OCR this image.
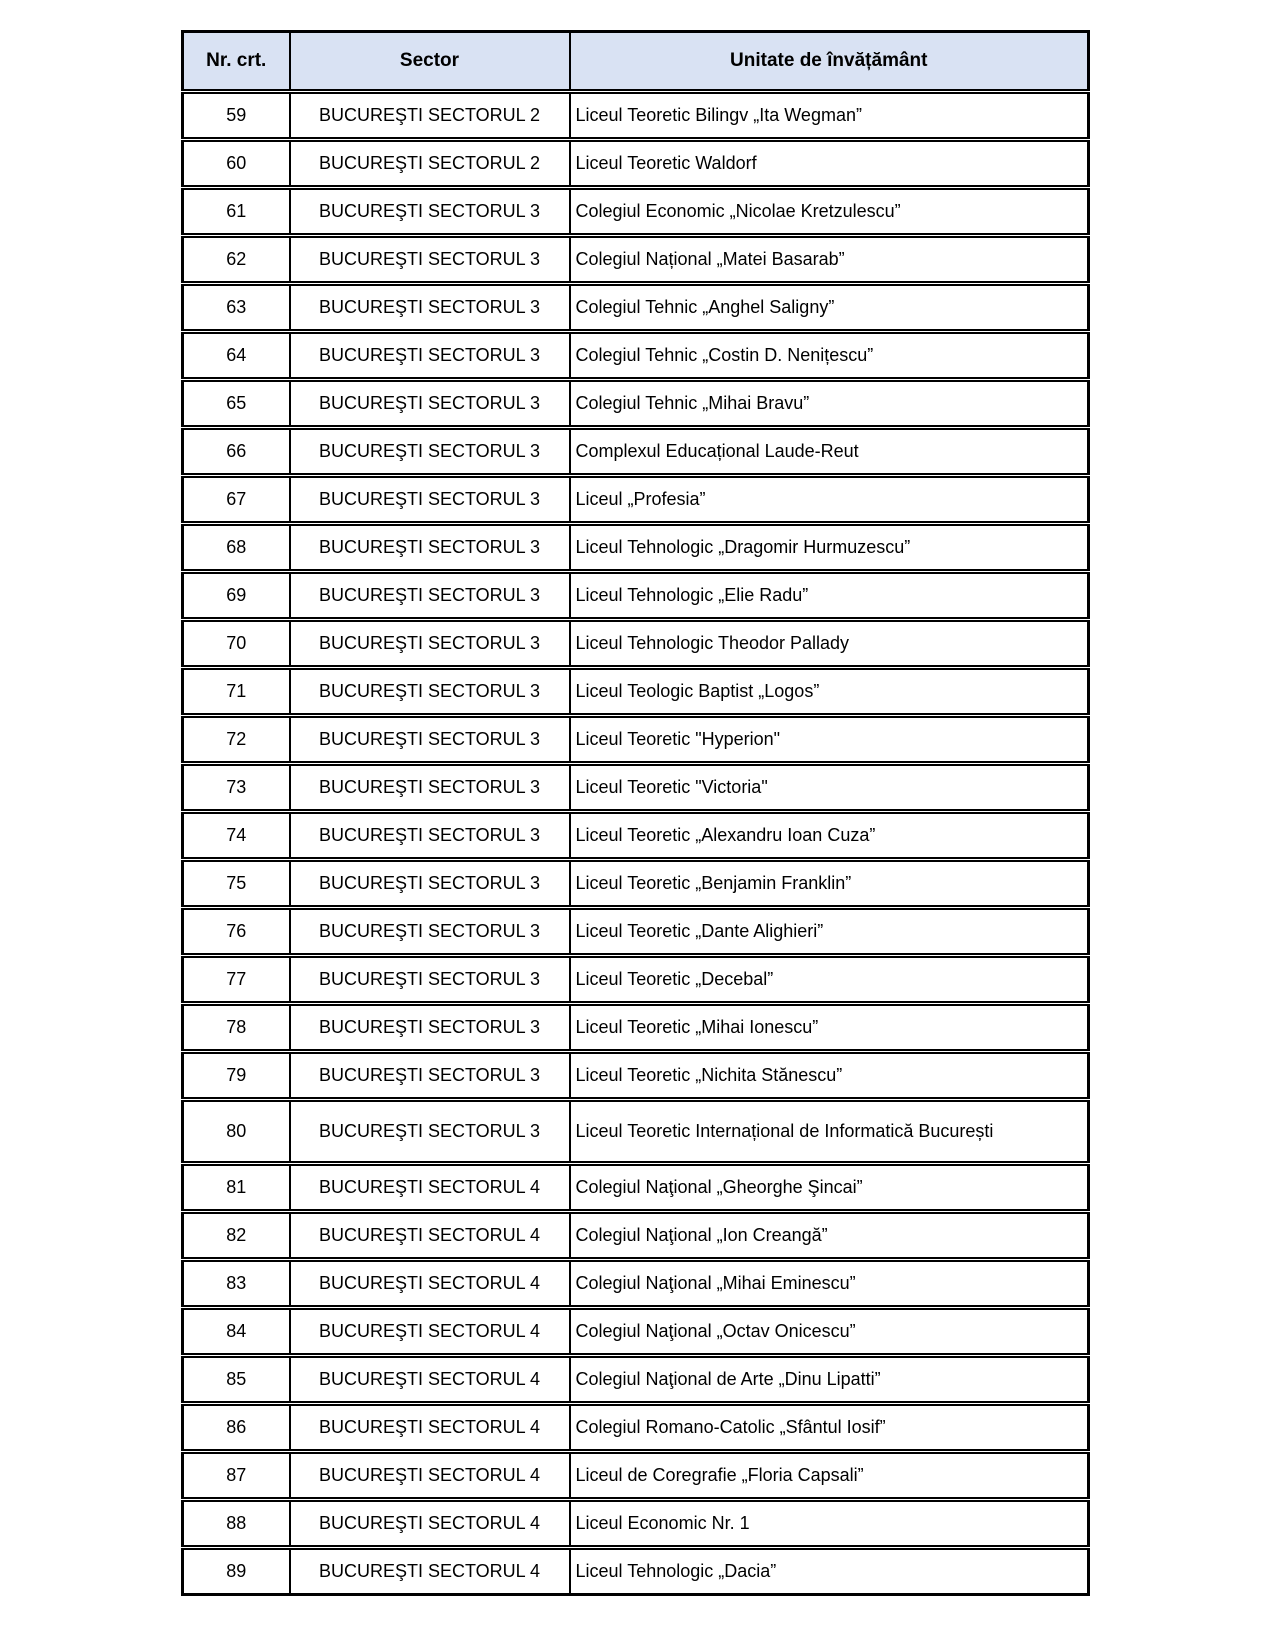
Nr. crt.	Sector	Unitate de învățământ
59	BUCUREŞTI SECTORUL 2	Liceul Teoretic Bilingv „Ita Wegman”
60	BUCUREŞTI SECTORUL 2	Liceul Teoretic Waldorf
61	BUCUREŞTI SECTORUL 3	Colegiul Economic „Nicolae Kretzulescu”
62	BUCUREŞTI SECTORUL 3	Colegiul Național „Matei Basarab”
63	BUCUREŞTI SECTORUL 3	Colegiul Tehnic „Anghel Saligny”
64	BUCUREŞTI SECTORUL 3	Colegiul Tehnic „Costin D. Nenițescu”
65	BUCUREŞTI SECTORUL 3	Colegiul Tehnic „Mihai Bravu”
66	BUCUREŞTI SECTORUL 3	Complexul Educațional Laude-Reut
67	BUCUREŞTI SECTORUL 3	Liceul „Profesia”
68	BUCUREŞTI SECTORUL 3	Liceul Tehnologic „Dragomir Hurmuzescu”
69	BUCUREŞTI SECTORUL 3	Liceul Tehnologic „Elie Radu”
70	BUCUREŞTI SECTORUL 3	Liceul Tehnologic Theodor Pallady
71	BUCUREŞTI SECTORUL 3	Liceul Teologic Baptist „Logos”
72	BUCUREŞTI SECTORUL 3	Liceul Teoretic "Hyperion"
73	BUCUREŞTI SECTORUL 3	Liceul Teoretic "Victoria"
74	BUCUREŞTI SECTORUL 3	Liceul Teoretic „Alexandru Ioan Cuza”
75	BUCUREŞTI SECTORUL 3	Liceul Teoretic „Benjamin Franklin”
76	BUCUREŞTI SECTORUL 3	Liceul Teoretic „Dante Alighieri”
77	BUCUREŞTI SECTORUL 3	Liceul Teoretic „Decebal”
78	BUCUREŞTI SECTORUL 3	Liceul Teoretic „Mihai Ionescu”
79	BUCUREŞTI SECTORUL 3	Liceul Teoretic „Nichita Stănescu”
80	BUCUREŞTI SECTORUL 3	Liceul Teoretic Internațional de Informatică București
81	BUCUREŞTI SECTORUL 4	Colegiul Naţional „Gheorghe Şincai”
82	BUCUREŞTI SECTORUL 4	Colegiul Naţional „Ion Creangă”
83	BUCUREŞTI SECTORUL 4	Colegiul Naţional „Mihai Eminescu”
84	BUCUREŞTI SECTORUL 4	Colegiul Naţional „Octav Onicescu”
85	BUCUREŞTI SECTORUL 4	Colegiul Naţional de Arte „Dinu Lipatti”
86	BUCUREŞTI SECTORUL 4	Colegiul Romano-Catolic „Sfântul Iosif”
87	BUCUREŞTI SECTORUL 4	Liceul de Coregrafie „Floria Capsali”
88	BUCUREŞTI SECTORUL 4	Liceul Economic Nr. 1
89	BUCUREŞTI SECTORUL 4	Liceul Tehnologic „Dacia”
